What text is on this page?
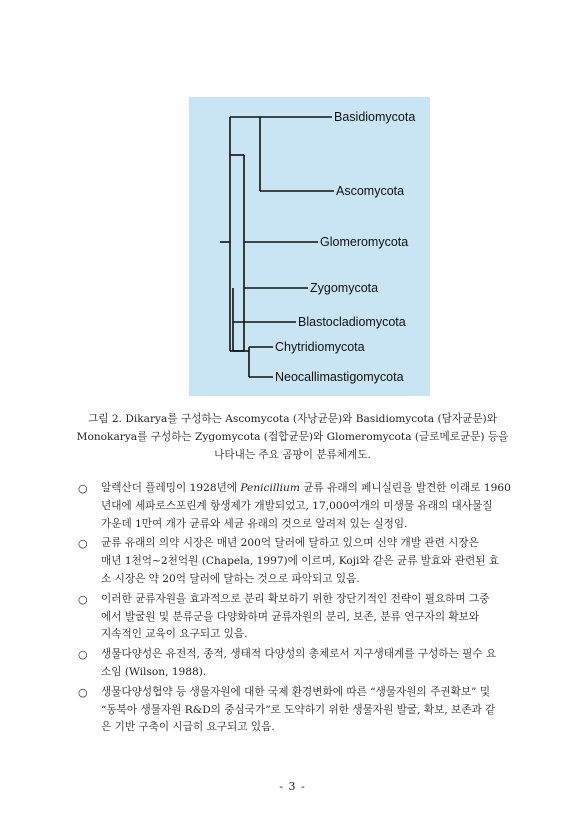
Basidiomycota
Ascomycota
Glomeromycota
Zygomycota
Blastocladiomycota
Chytridiomycota
Neocallimastigomycota
그림 2. Dikarya를 구성하는 Ascomycota (자낭균문)와 Basidiomycota (담자균문)와
Monokarya를 구성하는 Zygomycota (접합균문)와 Glomeromycota (글로메로균문) 등을
나타내는 주요 곰팡이 분류체계도.
○ 알렉산더 플레밍이 1928년에 Penicillium 균류 유래의 페니실린을 발견한 이래로 1960
년대에 세파로스포린계 항생제가 개발되었고, 17,000여개의 미생물 유래의 대사물질
가운데 1만여 개가 균류와 세균 유래의 것으로 알려져 있는 실정임.
○ 균류 유래의 의약 시장은 매년 200억 달러에 달하고 있으며 신약 개발 관련 시장은
매년 1천억~2천억원 (Chapela, 1997)에 이르며, Koji와 같은 균류 발효와 관련된 효
소 시장은 약 20억 달러에 달하는 것으로 파악되고 있음.
○ 이러한 균류자원을 효과적으로 분리 확보하기 위한 장단기적인 전략이 필요하며 그중
에서 발굴원 및 분류군을 다양화하며 균류자원의 분리, 보존, 분류 연구자의 확보와
지속적인 교육이 요구되고 있음.
○ 생물다양성은 유전적, 종적, 생태적 다양성의 총체로서 지구생태계를 구성하는 필수 요
소임 (Wilson, 1988).
○ 생물다양성협약 등 생물자원에 대한 국제 환경변화에 따른 “생물자원의 주권확보” 및
“동북아 생물자원 R&D의 중심국가”로 도약하기 위한 생물자원 발굴, 확보, 보존과 같
은 기반 구축이 시급히 요구되고 있음.
- 3 -
